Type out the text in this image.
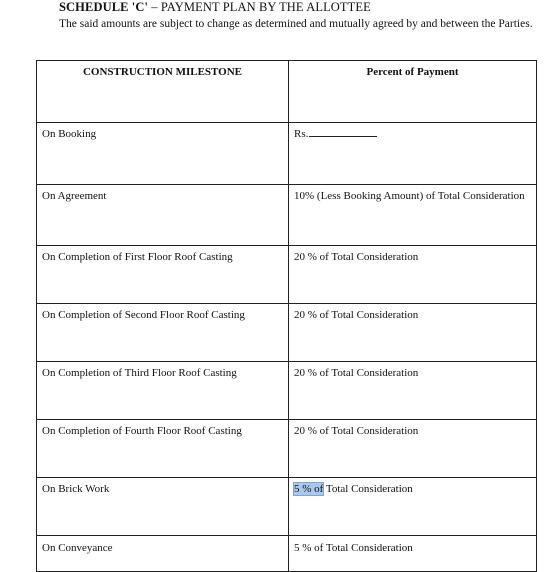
SCHEDULE 'C' – PAYMENT PLAN BY THE ALLOTTEE
The said amounts are subject to change as determined and mutually agreed by and between the Parties.
CONSTRUCTION MILESTONE	Percent of Payment
On Booking	Rs.
On Agreement	10% (Less Booking Amount) of Total Consideration
On Completion of First Floor Roof Casting	20 % of Total Consideration
On Completion of Second Floor Roof Casting	20 % of Total Consideration
On Completion of Third Floor Roof Casting	20 % of Total Consideration
On Completion of Fourth Floor Roof Casting	20 % of Total Consideration
On Brick Work	5 % of Total Consideration
On Conveyance	5 % of Total Consideration
